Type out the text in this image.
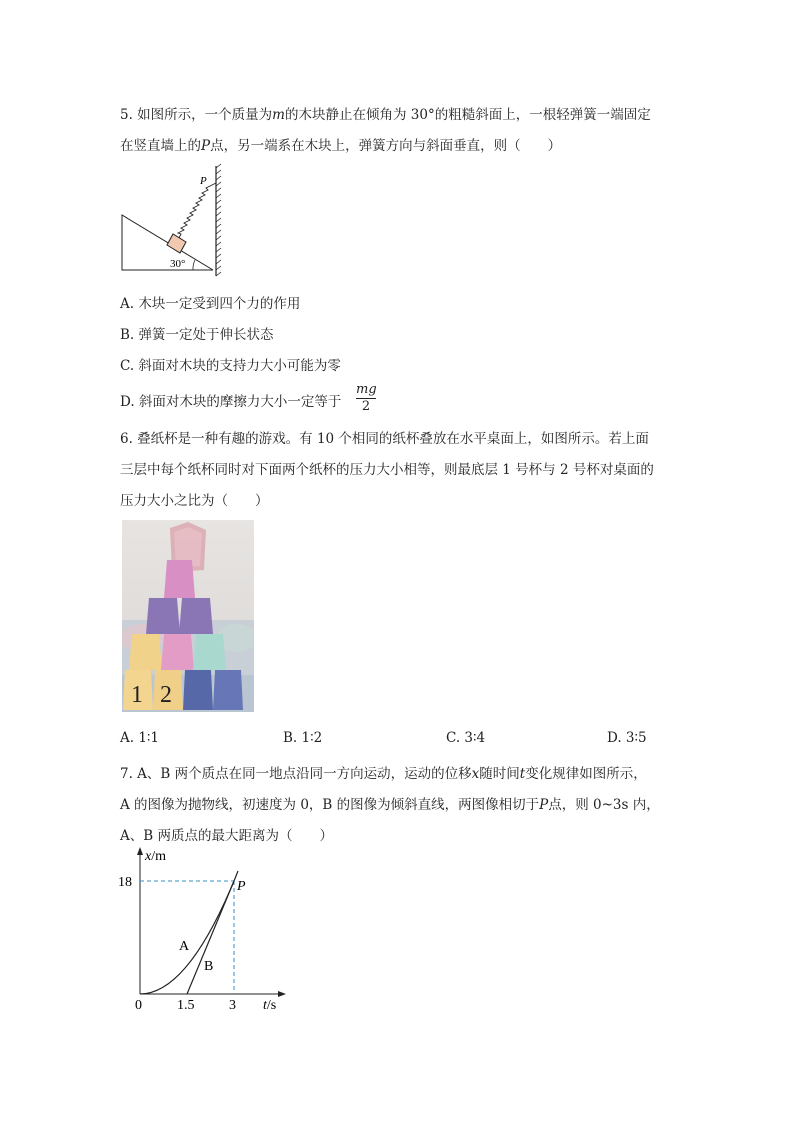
5. 如图所示，一个质量为m的木块静止在倾角为 30°的粗糙斜面上，一根轻弹簧一端固定
在竖直墙上的P点，另一端系在木块上，弹簧方向与斜面垂直，则（　　）
P
30°
A. 木块一定受到四个力的作用
B. 弹簧一定处于伸长状态
C. 斜面对木块的支持力大小可能为零
D. 斜面对木块的摩擦力大小一定等于 $\frac{mg}{2}$
6. 叠纸杯是一种有趣的游戏。有 10 个相同的纸杯叠放在水平桌面上，如图所示。若上面
三层中每个纸杯同时对下面两个纸杯的压力大小相等，则最底层 1 号杯与 2 号杯对桌面的
压力大小之比为（　　）
1 2
A. 1∶1	B. 1∶2	C. 3∶4	D. 3∶5
7. A、B 两个质点在同一地点沿同一方向运动，运动的位移x随时间t变化规律如图所示，
A 的图像为抛物线，初速度为 0，B 的图像为倾斜直线，两图像相切于P点，则 0~3s 内，
A、B 两质点的最大距离为（　　）
x/m
t/s
18
0	1.5 3
A
B
P
